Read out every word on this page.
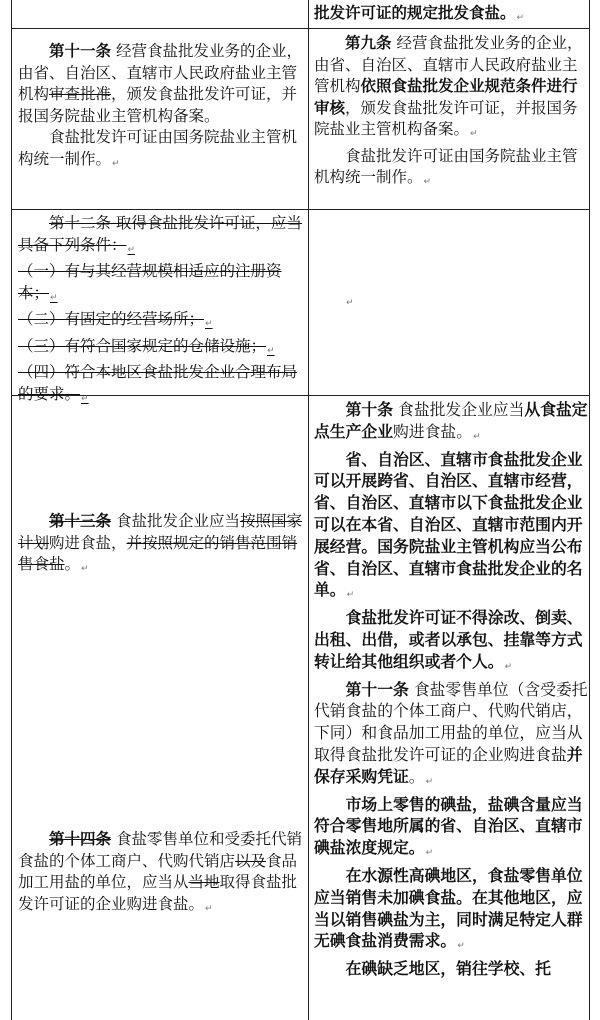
批发许可证的规定批发食盐。↵

第十一条 经营食盐批发业务的企业，由省、自治区、直辖市人民政府盐业主管机构审查批准，颁发食盐批发许可证，并报国务院盐业主管机构备案。

食盐批发许可证由国务院盐业主管机构统一制作。↵

第九条 经营食盐批发业务的企业，由省、自治区、直辖市人民政府盐业主管机构依照食盐批发企业规范条件进行审核，颁发食盐批发许可证，并报国务院盐业主管机构备案。↵

食盐批发许可证由国务院盐业主管机构统一制作。↵

第十二条 取得食盐批发许可证，应当具备下列条件：↵

（一）有与其经营规模相适应的注册资本；↵

（二）有固定的经营场所；↵

（三）有符合国家规定的仓储设施；↵

（四）符合本地区食盐批发企业合理布局的要求。↵

↵

第十三条 食盐批发企业应当按照国家计划购进食盐，并按照规定的销售范围销售食盐。↵

第十四条 食盐零售单位和受委托代销食盐的个体工商户、代购代销店以及食品加工用盐的单位，应当从当地取得食盐批发许可证的企业购进食盐。↵

第十条 食盐批发企业应当从食盐定点生产企业购进食盐。↵

省、自治区、直辖市食盐批发企业可以开展跨省、自治区、直辖市经营，省、自治区、直辖市以下食盐批发企业可以在本省、自治区、直辖市范围内开展经营。国务院盐业主管机构应当公布省、自治区、直辖市食盐批发企业的名单。↵

食盐批发许可证不得涂改、倒卖、出租、出借，或者以承包、挂靠等方式转让给其他组织或者个人。↵

第十一条 食盐零售单位（含受委托代销食盐的个体工商户、代购代销店，下同）和食品加工用盐的单位，应当从取得食盐批发许可证的企业购进食盐并保存采购凭证。↵

市场上零售的碘盐，盐碘含量应当符合零售地所属的省、自治区、直辖市碘盐浓度规定。↵

在水源性高碘地区，食盐零售单位应当销售未加碘食盐。在其他地区，应当以销售碘盐为主，同时满足特定人群无碘食盐消费需求。↵

在碘缺乏地区，销往学校、托
